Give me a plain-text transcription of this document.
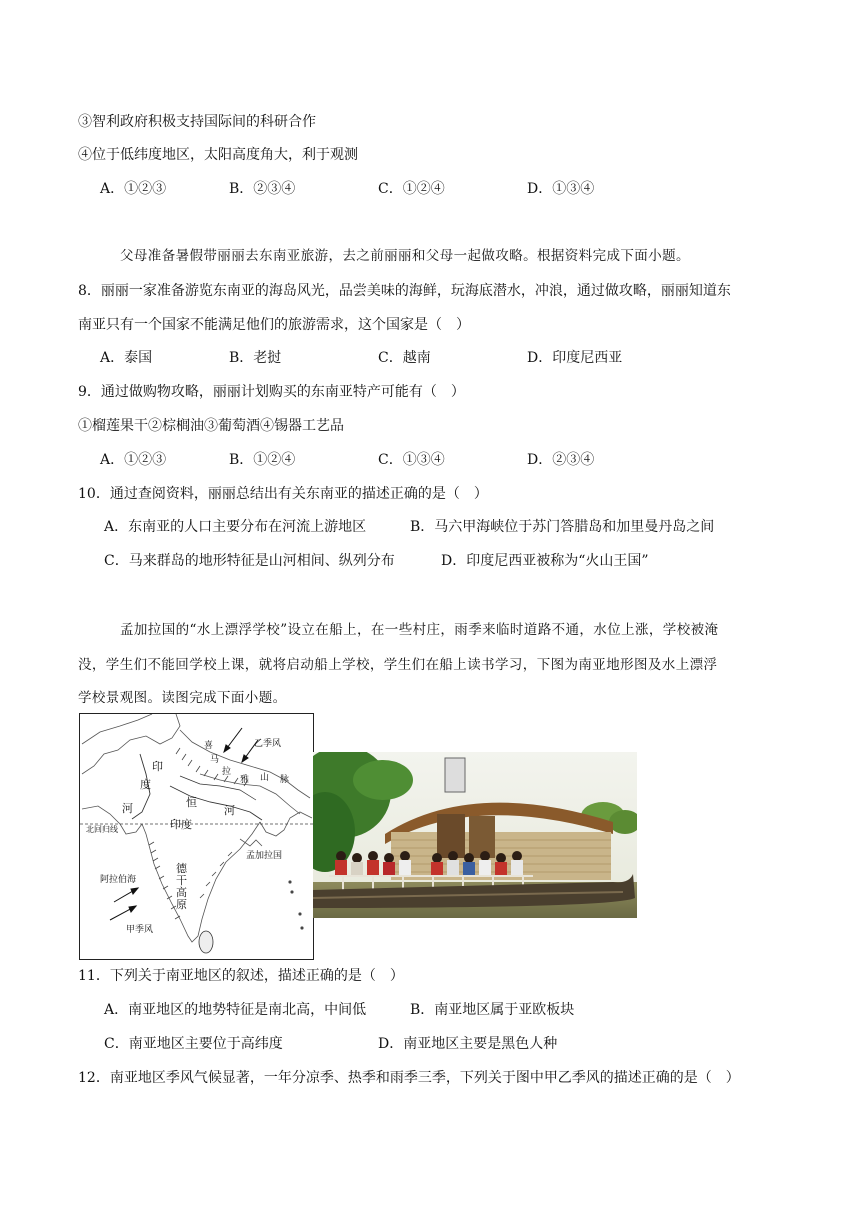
③智利政府积极支持国际间的科研合作
④位于低纬度地区，太阳高度角大，利于观测
A．①②③	B．②③④	C．①②④	D．①③④
父母准备暑假带丽丽去东南亚旅游，去之前丽丽和父母一起做攻略。根据资料完成下面小题。
8．丽丽一家准备游览东南亚的海岛风光，品尝美味的海鲜，玩海底潜水，冲浪，通过做攻略，丽丽知道东
南亚只有一个国家不能满足他们的旅游需求，这个国家是（　）
A．泰国	B．老挝	C．越南	D．印度尼西亚
9．通过做购物攻略，丽丽计划购买的东南亚特产可能有（　）
①榴莲果干②棕榈油③葡萄酒④锡器工艺品
A．①②③	B．①②④	C．①③④	D．②③④
10．通过查阅资料，丽丽总结出有关东南亚的描述正确的是（　）
A．东南亚的人口主要分布在河流上游地区	B．马六甲海峡位于苏门答腊岛和加里曼丹岛之间
C．马来群岛的地形特征是山河相间、纵列分布	D．印度尼西亚被称为“火山王国”
孟加拉国的“水上漂浮学校”设立在船上，在一些村庄，雨季来临时道路不通，水位上涨，学校被淹
没，学生们不能回学校上课，就将启动船上学校，学生们在船上读书学习，下图为南亚地形图及水上漂浮
学校景观图。读图完成下面小题。
喜
马
拉
雅 山 脉
乙季风
印
度
河	恒
河
北回归线	印度
孟加拉国
阿拉伯海
德
干
高
原
甲季风
11．下列关于南亚地区的叙述，描述正确的是（　）
A．南亚地区的地势特征是南北高，中间低	B．南亚地区属于亚欧板块
C．南亚地区主要位于高纬度	D．南亚地区主要是黑色人种
12．南亚地区季风气候显著，一年分凉季、热季和雨季三季，下列关于图中甲乙季风的描述正确的是（　）
